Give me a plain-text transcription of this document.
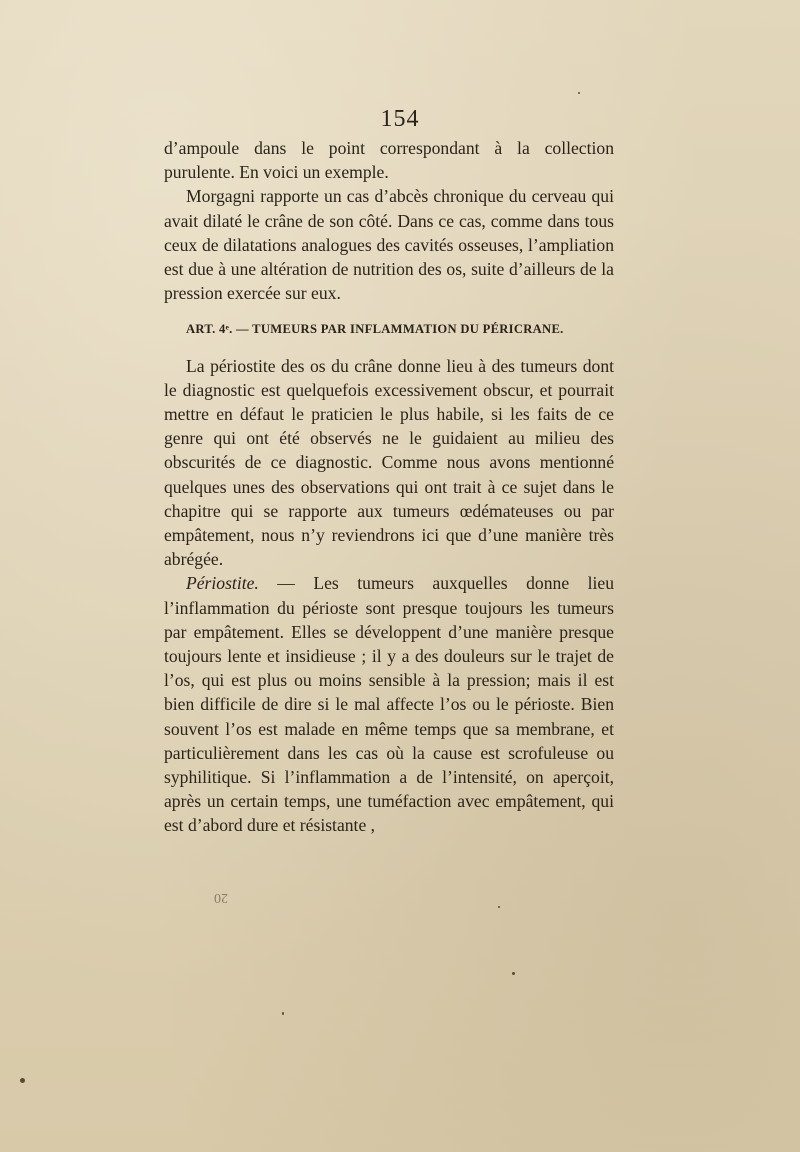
154

d’ampoule dans le point correspondant à la collection purulente. En voici un exemple.

Morgagni rapporte un cas d’abcès chronique du cerveau qui avait dilaté le crâne de son côté. Dans ce cas, comme dans tous ceux de dilatations analogues des cavités osseuses, l’ampliation est due à une altération de nutrition des os, suite d’ailleurs de la pression exercée sur eux.

ART. 4ᵉ. — TUMEURS PAR INFLAMMATION DU PÉRICRANE.

La périostite des os du crâne donne lieu à des tumeurs dont le diagnostic est quelquefois excessivement obscur, et pourrait mettre en défaut le praticien le plus habile, si les faits de ce genre qui ont été observés ne le guidaient au milieu des obscurités de ce diagnostic. Comme nous avons mentionné quelques unes des observations qui ont trait à ce sujet dans le chapitre qui se rapporte aux tumeurs œdémateuses ou par empâtement, nous n’y reviendrons ici que d’une manière très abrégée.

Périostite. — Les tumeurs auxquelles donne lieu l’inflammation du périoste sont presque toujours les tumeurs par empâtement. Elles se développent d’une manière presque toujours lente et insidieuse ; il y a des douleurs sur le trajet de l’os, qui est plus ou moins sensible à la pression; mais il est bien difficile de dire si le mal affecte l’os ou le périoste. Bien souvent l’os est malade en même temps que sa membrane, et particulièrement dans les cas où la cause est scrofuleuse ou syphilitique. Si l’inflammation a de l’intensité, on aperçoit, après un certain temps, une tuméfaction avec empâtement, qui est d’abord dure et résistante ,

20
